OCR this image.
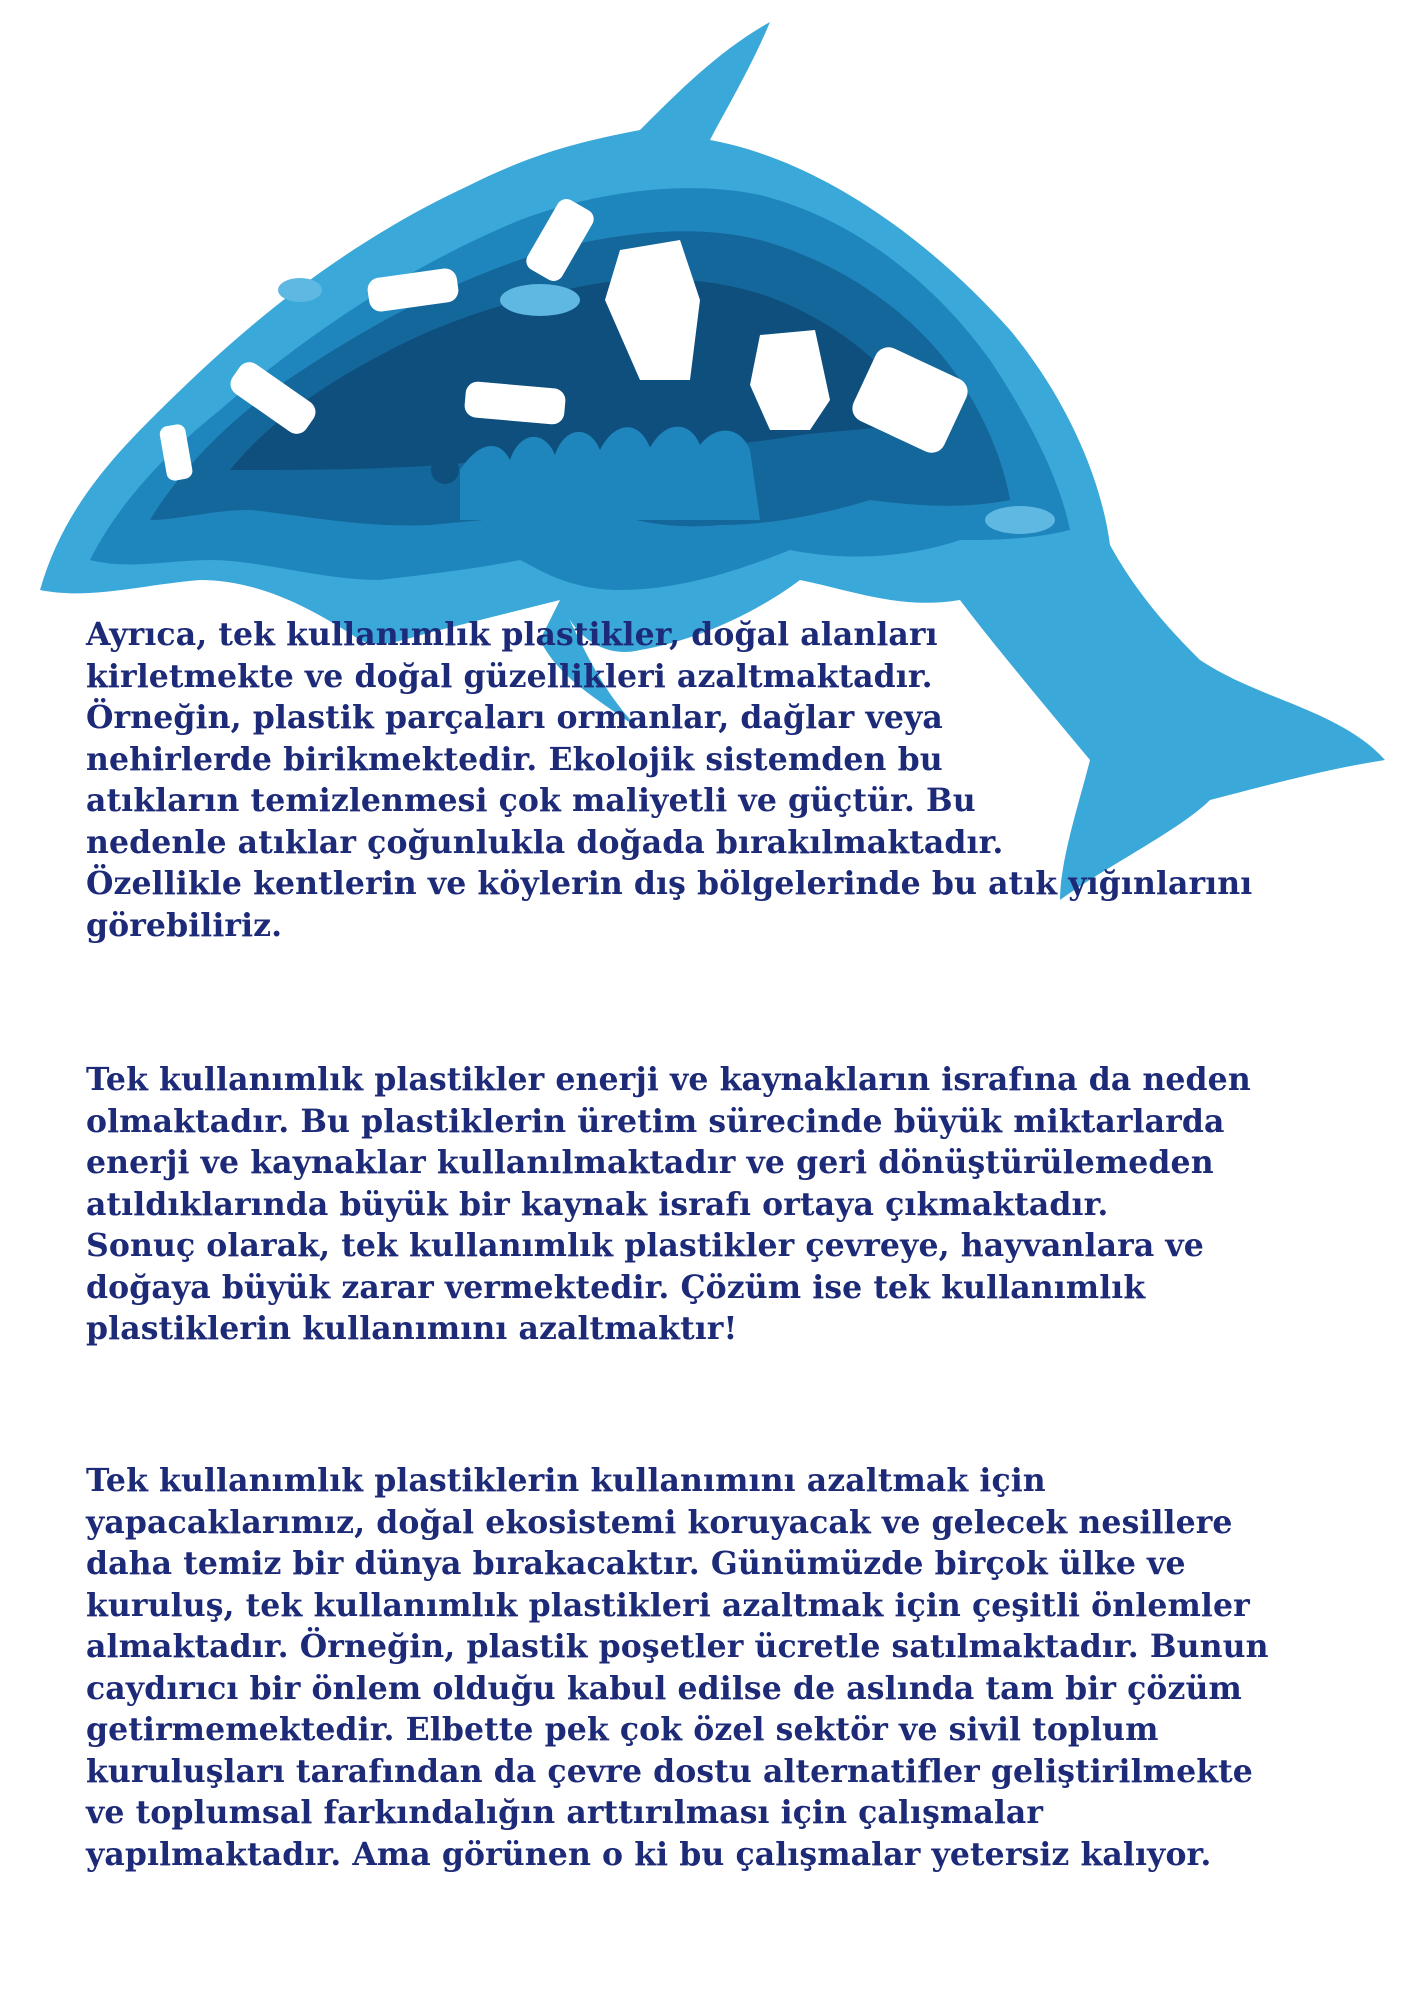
Ayrıca, tek kullanımlık plastikler, doğal alanları
kirletmekte ve doğal güzellikleri azaltmaktadır.
Örneğin, plastik parçaları ormanlar, dağlar veya
nehirlerde birikmektedir. Ekolojik sistemden bu
atıkların temizlenmesi çok maliyetli ve güçtür. Bu
nedenle atıklar çoğunlukla doğada bırakılmaktadır.
Özellikle kentlerin ve köylerin dış bölgelerinde bu atık yığınlarını
görebiliriz.
Tek kullanımlık plastikler enerji ve kaynakların israfına da neden
olmaktadır. Bu plastiklerin üretim sürecinde büyük miktarlarda
enerji ve kaynaklar kullanılmaktadır ve geri dönüştürülemeden
atıldıklarında büyük bir kaynak israfı ortaya çıkmaktadır.
Sonuç olarak, tek kullanımlık plastikler çevreye, hayvanlara ve
doğaya büyük zarar vermektedir. Çözüm ise tek kullanımlık
plastiklerin kullanımını azaltmaktır!
Tek kullanımlık plastiklerin kullanımını azaltmak için
yapacaklarımız, doğal ekosistemi koruyacak ve gelecek nesillere
daha temiz bir dünya bırakacaktır. Günümüzde birçok ülke ve
kuruluş, tek kullanımlık plastikleri azaltmak için çeşitli önlemler
almaktadır. Örneğin, plastik poşetler ücretle satılmaktadır. Bunun
caydırıcı bir önlem olduğu kabul edilse de aslında tam bir çözüm
getirmemektedir. Elbette pek çok özel sektör ve sivil toplum
kuruluşları tarafından da çevre dostu alternatifler geliştirilmekte
ve toplumsal farkındalığın arttırılması için çalışmalar
yapılmaktadır. Ama görünen o ki bu çalışmalar yetersiz kalıyor.
